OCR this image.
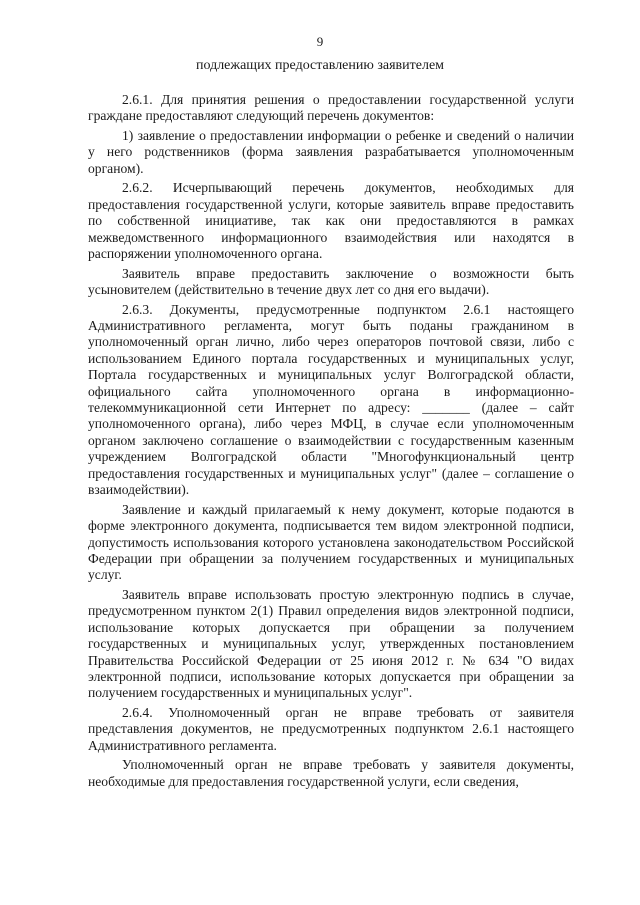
9
подлежащих предоставлению заявителем

2.6.1. Для принятия решения о предоставлении государственной услуги граждане предоставляют следующий перечень документов:

1) заявление о предоставлении информации о ребенке и сведений о наличии у него родственников (форма заявления разрабатывается уполномоченным органом).

2.6.2. Исчерпывающий перечень документов, необходимых для предоставления государственной услуги, которые заявитель вправе предоставить по собственной инициативе, так как они предоставляются в рамках межведомственного информационного взаимодействия или находятся в распоряжении уполномоченного органа.

Заявитель вправе предоставить заключение о возможности быть усыновителем (действительно в течение двух лет со дня его выдачи).

2.6.3. Документы, предусмотренные подпунктом 2.6.1 настоящего Административного регламента, могут быть поданы гражданином в уполномоченный орган лично, либо через операторов почтовой связи, либо с использованием Единого портала государственных и муниципальных услуг, Портала государственных и муниципальных услуг Волгоградской области, официального сайта уполномоченного органа в информационно-телекоммуникационной сети Интернет по адресу: _______ (далее – сайт уполномоченного органа), либо через МФЦ, в случае если уполномоченным органом заключено соглашение о взаимодействии с государственным казенным учреждением Волгоградской области "Многофункциональный центр предоставления государственных и муниципальных услуг" (далее – соглашение о взаимодействии).

Заявление и каждый прилагаемый к нему документ, которые подаются в форме электронного документа, подписывается тем видом электронной подписи, допустимость использования которого установлена законодательством Российской Федерации при обращении за получением государственных и муниципальных услуг.

Заявитель вправе использовать простую электронную подпись в случае, предусмотренном пунктом 2(1) Правил определения видов электронной подписи, использование которых допускается при обращении за получением государственных и муниципальных услуг, утвержденных постановлением Правительства Российской Федерации от 25 июня 2012 г. № 634 "О видах электронной подписи, использование которых допускается при обращении за получением государственных и муниципальных услуг".

2.6.4. Уполномоченный орган не вправе требовать от заявителя представления документов, не предусмотренных подпунктом 2.6.1 настоящего Административного регламента.

Уполномоченный орган не вправе требовать у заявителя документы, необходимые для предоставления государственной услуги, если сведения,
